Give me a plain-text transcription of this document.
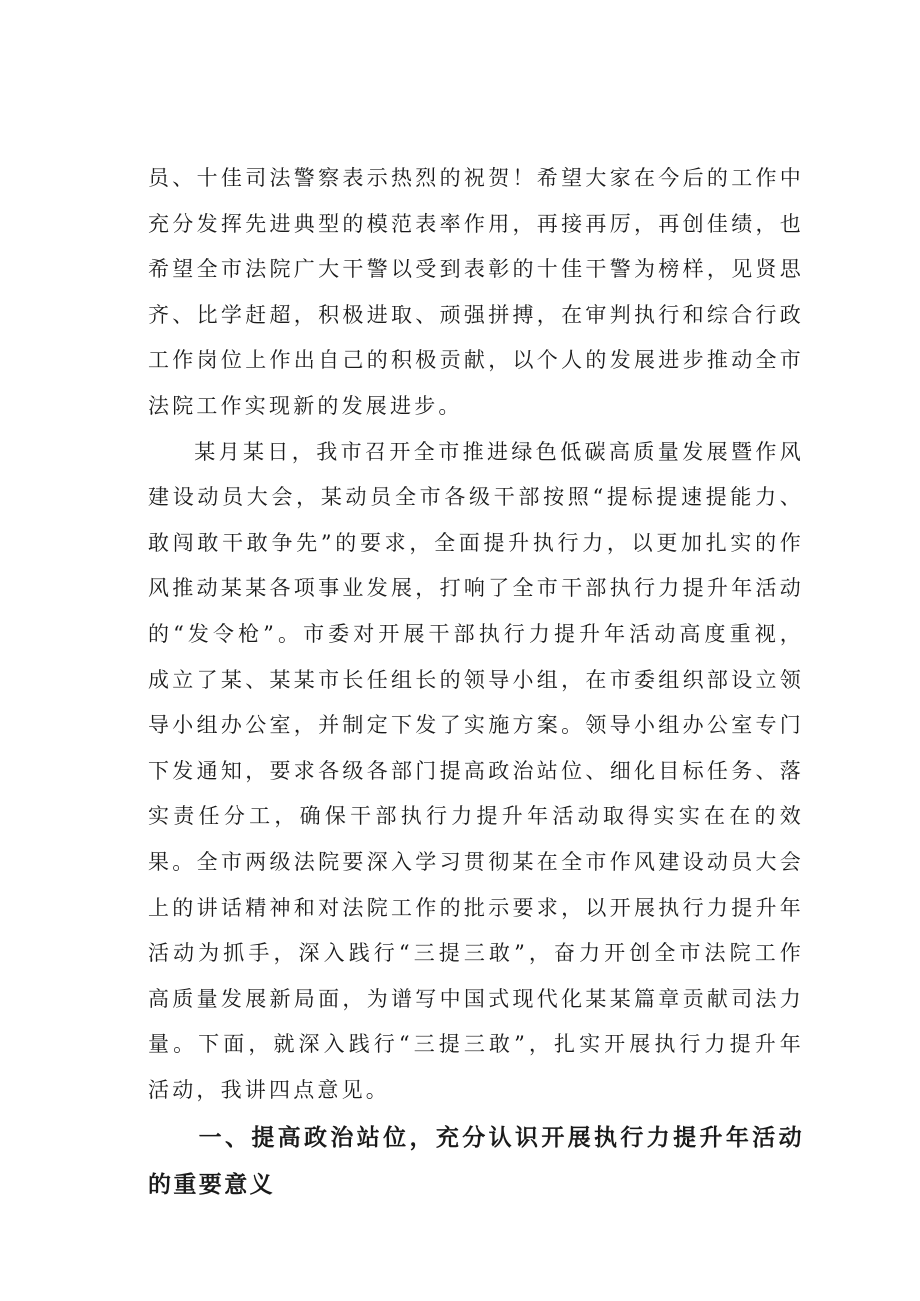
员、十佳司法警察表示热烈的祝贺！希望大家在今后的工作中充分发挥先进典型的模范表率作用，再接再厉，再创佳绩，也希望全市法院广大干警以受到表彰的十佳干警为榜样，见贤思齐、比学赶超，积极进取、顽强拼搏，在审判执行和综合行政工作岗位上作出自己的积极贡献，以个人的发展进步推动全市法院工作实现新的发展进步。

某月某日，我市召开全市推进绿色低碳高质量发展暨作风建设动员大会，某动员全市各级干部按照“提标提速提能力、敢闯敢干敢争先”的要求，全面提升执行力，以更加扎实的作风推动某某各项事业发展，打响了全市干部执行力提升年活动的“发令枪”。市委对开展干部执行力提升年活动高度重视，成立了某、某某市长任组长的领导小组，在市委组织部设立领导小组办公室，并制定下发了实施方案。领导小组办公室专门下发通知，要求各级各部门提高政治站位、细化目标任务、落实责任分工，确保干部执行力提升年活动取得实实在在的效果。全市两级法院要深入学习贯彻某在全市作风建设动员大会上的讲话精神和对法院工作的批示要求，以开展执行力提升年活动为抓手，深入践行“三提三敢”，奋力开创全市法院工作高质量发展新局面，为谱写中国式现代化某某篇章贡献司法力量。下面，就深入践行“三提三敢”，扎实开展执行力提升年活动，我讲四点意见。

一、提高政治站位，充分认识开展执行力提升年活动的重要意义
